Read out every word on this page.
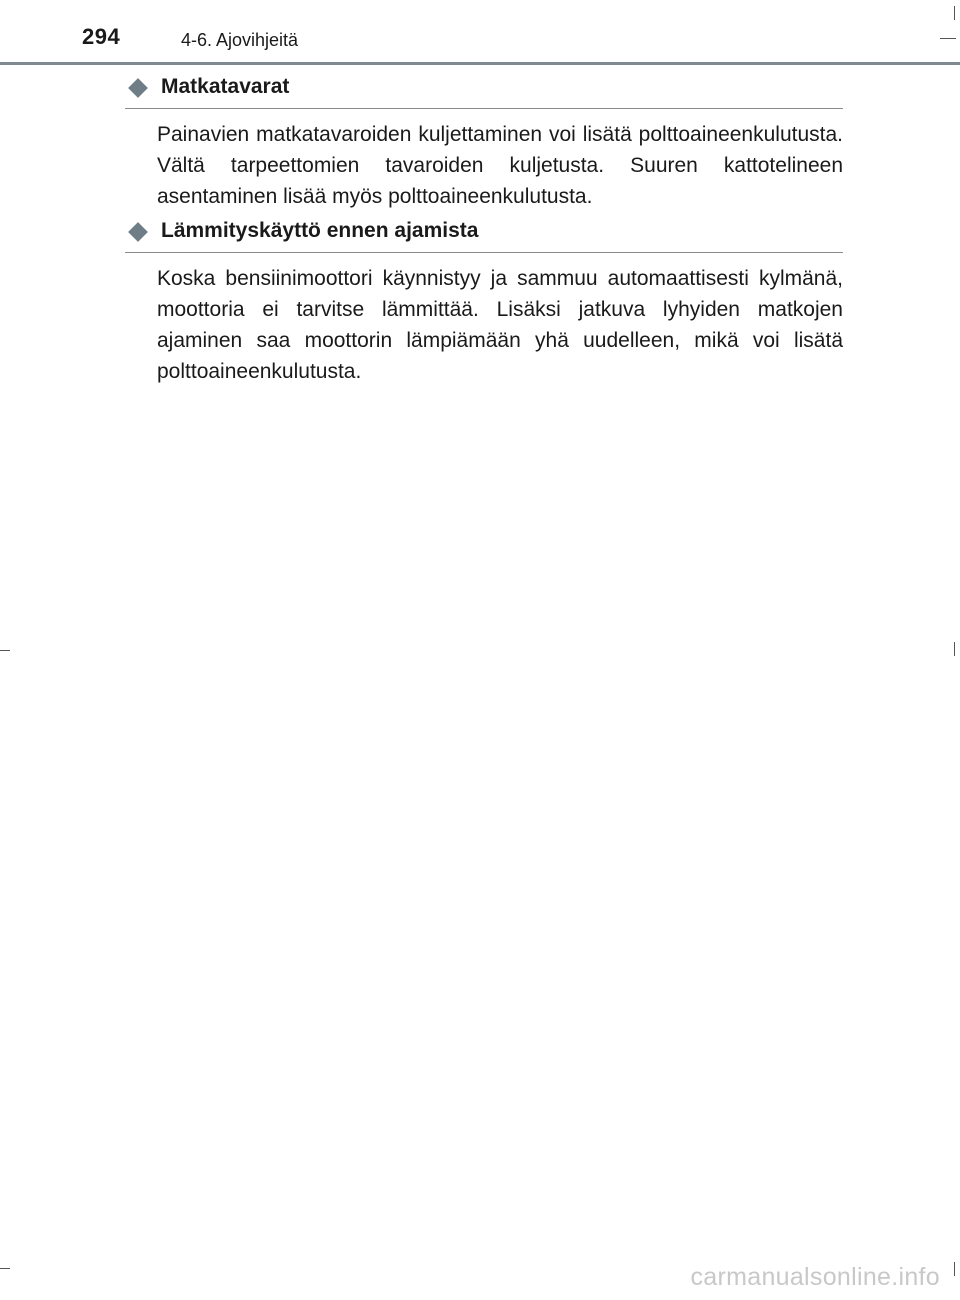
294	4-6. Ajovihjeitä
Matkatavarat

Painavien matkatavaroiden kuljettaminen voi lisätä polttoaineenkulutusta. Vältä tarpeettomien tavaroiden kuljetusta. Suuren kattotelineen asentaminen lisää myös polttoaineenkulutusta.

Lämmityskäyttö ennen ajamista

Koska bensiinimoottori käynnistyy ja sammuu automaattisesti kylmänä, moottoria ei tarvitse lämmittää. Lisäksi jatkuva lyhyiden matkojen ajaminen saa moottorin lämpiämään yhä uudelleen, mikä voi lisätä polttoaineenkulutusta.

carmanualsonline.info
